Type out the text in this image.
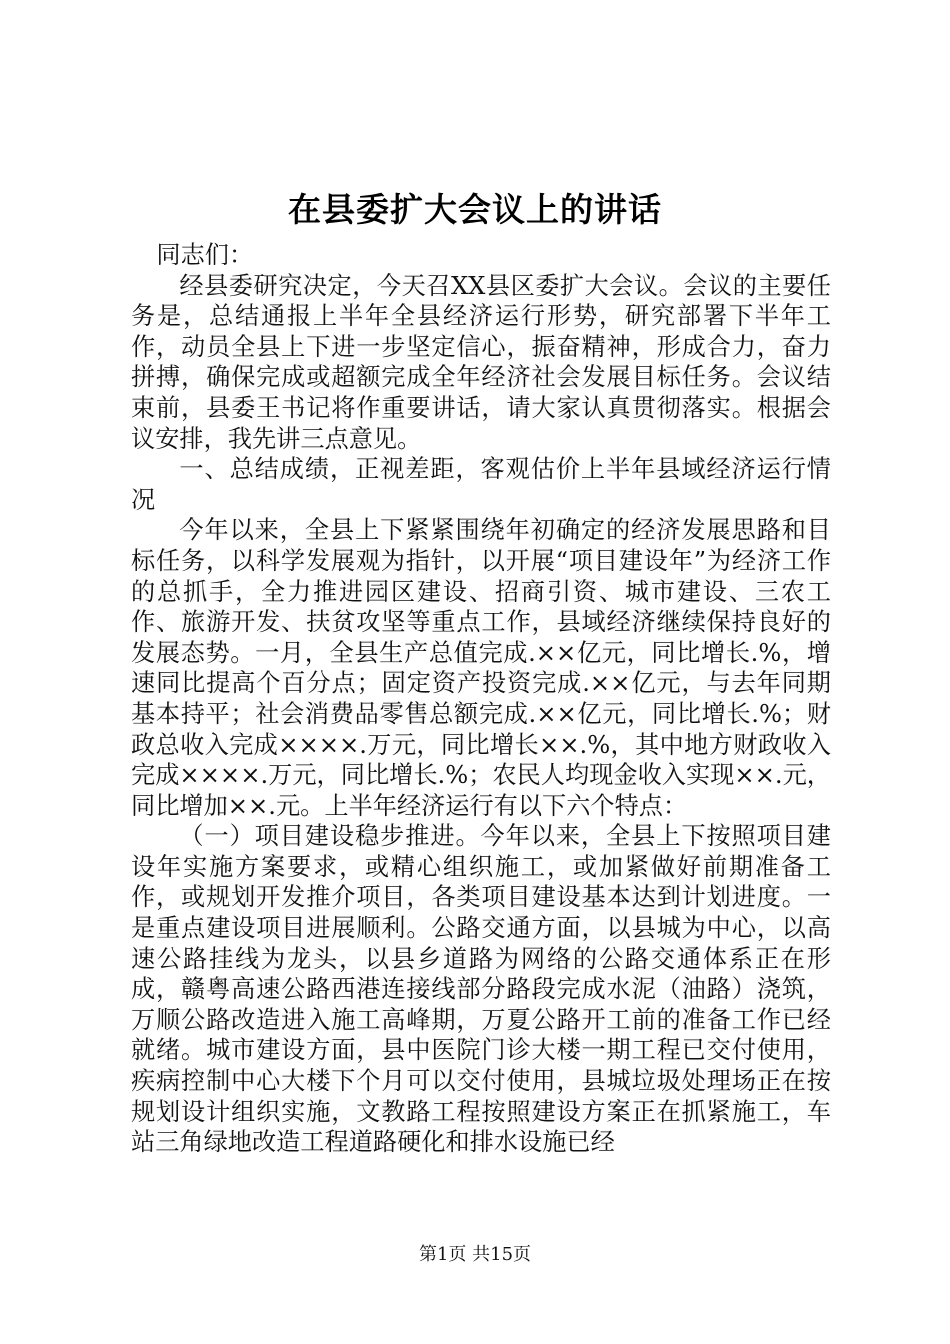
在县委扩大会议上的讲话

同志们：

经县委研究决定，今天召XX县区委扩大会议。会议的主要任务是，总结通报上半年全县经济运行形势，研究部署下半年工作，动员全县上下进一步坚定信心，振奋精神，形成合力，奋力拼搏，确保完成或超额完成全年经济社会发展目标任务。会议结束前，县委王书记将作重要讲话，请大家认真贯彻落实。根据会议安排，我先讲三点意见。

一、总结成绩，正视差距，客观估价上半年县域经济运行情况

今年以来，全县上下紧紧围绕年初确定的经济发展思路和目标任务，以科学发展观为指针，以开展“项目建设年”为经济工作的总抓手，全力推进园区建设、招商引资、城市建设、三农工作、旅游开发、扶贫攻坚等重点工作，县域经济继续保持良好的发展态势。一月，全县生产总值完成.××亿元，同比增长.%，增速同比提高个百分点；固定资产投资完成.××亿元，与去年同期基本持平；社会消费品零售总额完成.××亿元，同比增长.%；财政总收入完成××××.万元，同比增长××.%，其中地方财政收入完成××××.万元，同比增长.%；农民人均现金收入实现××.元，同比增加××.元。上半年经济运行有以下六个特点：

（一）项目建设稳步推进。今年以来，全县上下按照项目建设年实施方案要求，或精心组织施工，或加紧做好前期准备工作，或规划开发推介项目，各类项目建设基本达到计划进度。一是重点建设项目进展顺利。公路交通方面，以县城为中心，以高速公路挂线为龙头，以县乡道路为网络的公路交通体系正在形成，赣粤高速公路西港连接线部分路段完成水泥（油路）浇筑，万顺公路改造进入施工高峰期，万夏公路开工前的准备工作已经就绪。城市建设方面，县中医院门诊大楼一期工程已交付使用，疾病控制中心大楼下个月可以交付使用，县城垃圾处理场正在按规划设计组织实施，文教路工程按照建设方案正在抓紧施工，车站三角绿地改造工程道路硬化和排水设施已经

第1页 共15页
